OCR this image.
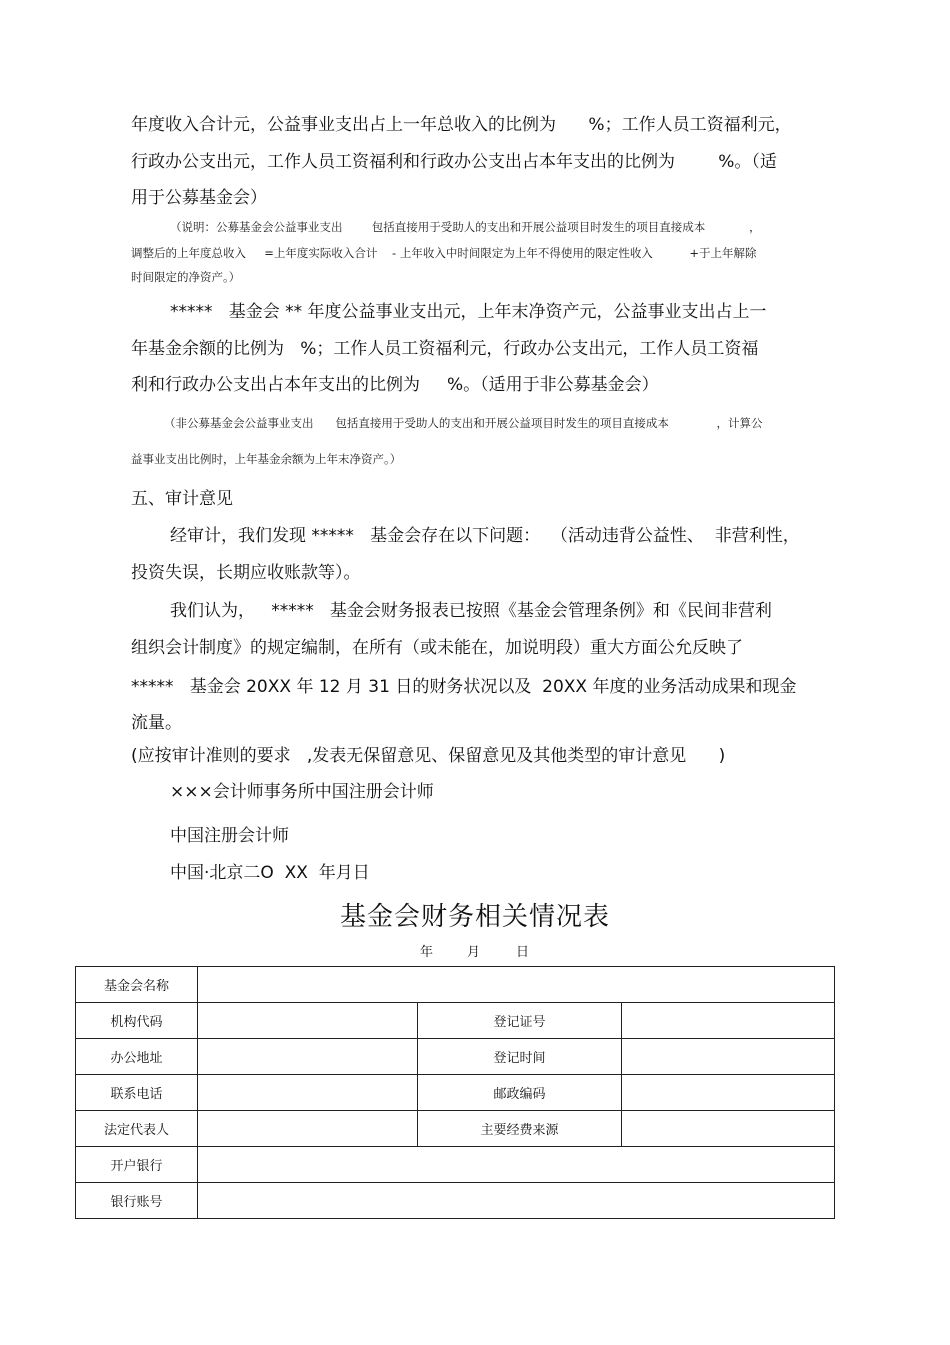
年度收入合计元，公益事业支出占上一年总收入的比例为      %；工作人员工资福利元，
行政办公支出元，工作人员工资福利和行政办公支出占本年支出的比例为        %。（适
用于公募基金会）
（说明：公募基金会公益事业支出        包括直接用于受助人的支出和开展公益项目时发生的项目直接成本            ，
调整后的上年度总收入     =上年度实际收入合计    - 上年收入中时间限定为上年不得使用的限定性收入          +于上年解除
时间限定的净资产。）
*****   基金会 ** 年度公益事业支出元，上年末净资产元，公益事业支出占上一
年基金余额的比例为   %；工作人员工资福利元，行政办公支出元，工作人员工资福
利和行政办公支出占本年支出的比例为     %。（适用于非公募基金会）
（非公募基金会公益事业支出      包括直接用于受助人的支出和开展公益项目时发生的项目直接成本             ，计算公
益事业支出比例时，上年基金余额为上年末净资产。）
五、审计意见
经审计，我们发现 *****   基金会存在以下问题：  （活动违背公益性、  非营利性，
投资失误，长期应收账款等）。
我们认为，   *****   基金会财务报表已按照《基金会管理条例》和《民间非营利
组织会计制度》的规定编制，在所有（或未能在，加说明段）重大方面公允反映了
*****   基金会 20XX 年 12 月 31 日的财务状况以及  20XX 年度的业务活动成果和现金
流量。
(应按审计准则的要求   ,发表无保留意见、保留意见及其他类型的审计意见      )
×××会计师事务所中国注册会计师
中国注册会计师
中国·北京二O  XX  年月日
基金会财务相关情况表
年	月	日
基金会名称			
机构代码		登记证号	
办公地址		登记时间	
联系电话		邮政编码	
法定代表人		主要经费来源	
开户银行			
银行账号			
